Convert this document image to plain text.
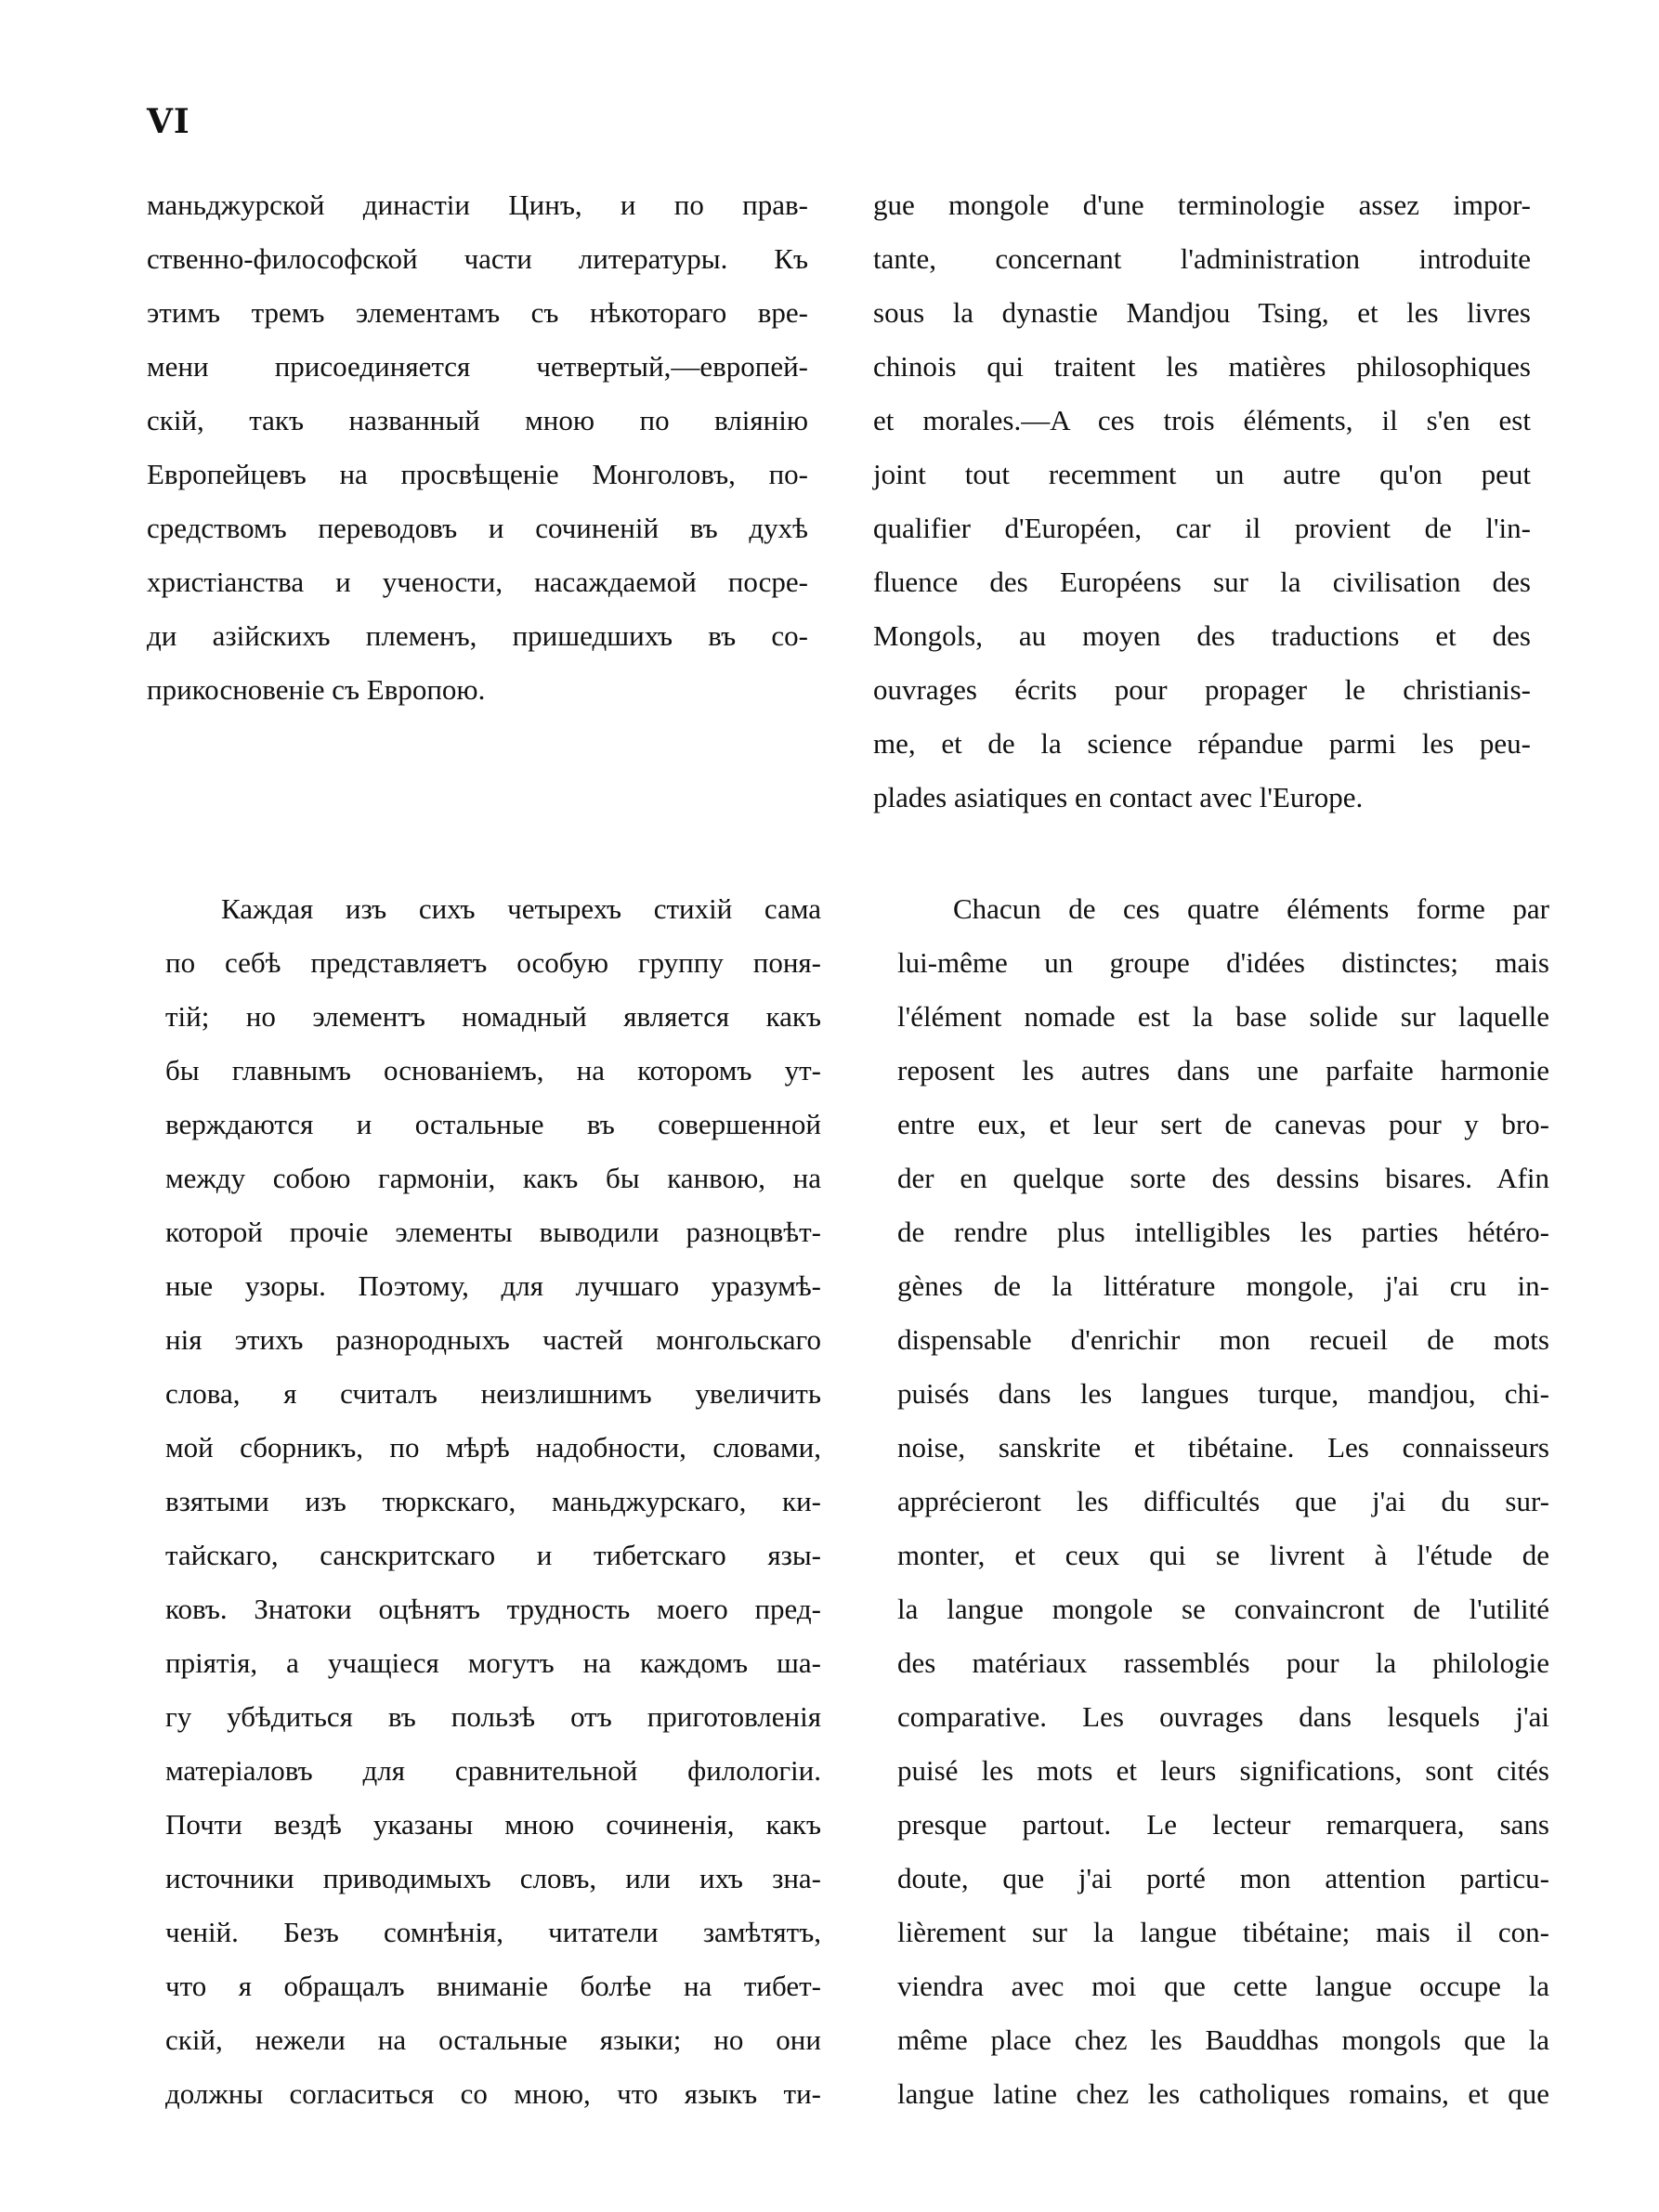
VI
маньджурской династіи Цинъ, и по прав-
ственно-философской части литературы. Къ
этимъ тремъ элементамъ съ нѣкотораго вре-
мени присоединяется четвертый,—европей-
скій, такъ названный мною по вліянію
Европейцевъ на просвѣщеніе Монголовъ, по-
средствомъ переводовъ и сочиненій въ духѣ
христіанства и учености, насаждаемой посре-
ди азійскихъ племенъ, пришедшихъ въ со-
прикосновеніе съ Европою.
gue mongole d'une terminologie assez impor-
tante, concernant l'administration introduite
sous la dynastie Mandjou Tsing, et les livres
chinois qui traitent les matières philosophiques
et morales.—A ces trois éléments, il s'en est
joint tout recemment un autre qu'on peut
qualifier d'Européen, car il provient de l'in-
fluence des Européens sur la civilisation des
Mongols, au moyen des traductions et des
ouvrages écrits pour propager le christianis-
me, et de la science répandue parmi les peu-
plades asiatiques en contact avec l'Europe.
Каждая изъ сихъ четырехъ стихій сама
по себѣ представляетъ особую группу поня-
тій; но элементъ номадный является какъ
бы главнымъ основаніемъ, на которомъ ут-
верждаются и остальные въ совершенной
между собою гармоніи, какъ бы канвою, на
которой прочіе элементы выводили разноцвѣт-
ные узоры. Поэтому, для лучшаго уразумѣ-
нія этихъ разнородныхъ частей монгольскаго
слова, я считалъ неизлишнимъ увеличить
мой сборникъ, по мѣрѣ надобности, словами,
взятыми изъ тюркскаго, маньджурскаго, ки-
тайскаго, санскритскаго и тибетскаго язы-
ковъ. Знатоки оцѣнятъ трудность моего пред-
пріятія, а учащіеся могутъ на каждомъ ша-
гу убѣдиться въ пользѣ отъ приготовленія
матеріаловъ для сравнительной филологіи.
Почти вездѣ указаны мною сочиненія, какъ
источники приводимыхъ словъ, или ихъ зна-
ченій. Безъ сомнѣнія, читатели замѣтятъ,
что я обращалъ вниманіе болѣе на тибет-
скій, нежели на остальные языки; но они
должны согласиться со мною, что языкъ ти-
Chacun de ces quatre éléments forme par
lui-même un groupe d'idées distinctes; mais
l'élément nomade est la base solide sur laquelle
reposent les autres dans une parfaite harmonie
entre eux, et leur sert de canevas pour y bro-
der en quelque sorte des dessins bisares. Afin
de rendre plus intelligibles les parties hétéro-
gènes de la littérature mongole, j'ai cru in-
dispensable d'enrichir mon recueil de mots
puisés dans les langues turque, mandjou, chi-
noise, sanskrite et tibétaine. Les connaisseurs
apprécieront les difficultés que j'ai du sur-
monter, et ceux qui se livrent à l'étude de
la langue mongole se convaincront de l'utilité
des matériaux rassemblés pour la philologie
comparative. Les ouvrages dans lesquels j'ai
puisé les mots et leurs significations, sont cités
presque partout. Le lecteur remarquera, sans
doute, que j'ai porté mon attention particu-
lièrement sur la langue tibétaine; mais il con-
viendra avec moi que cette langue occupe la
même place chez les Bauddhas mongols que la
langue latine chez les catholiques romains, et que
